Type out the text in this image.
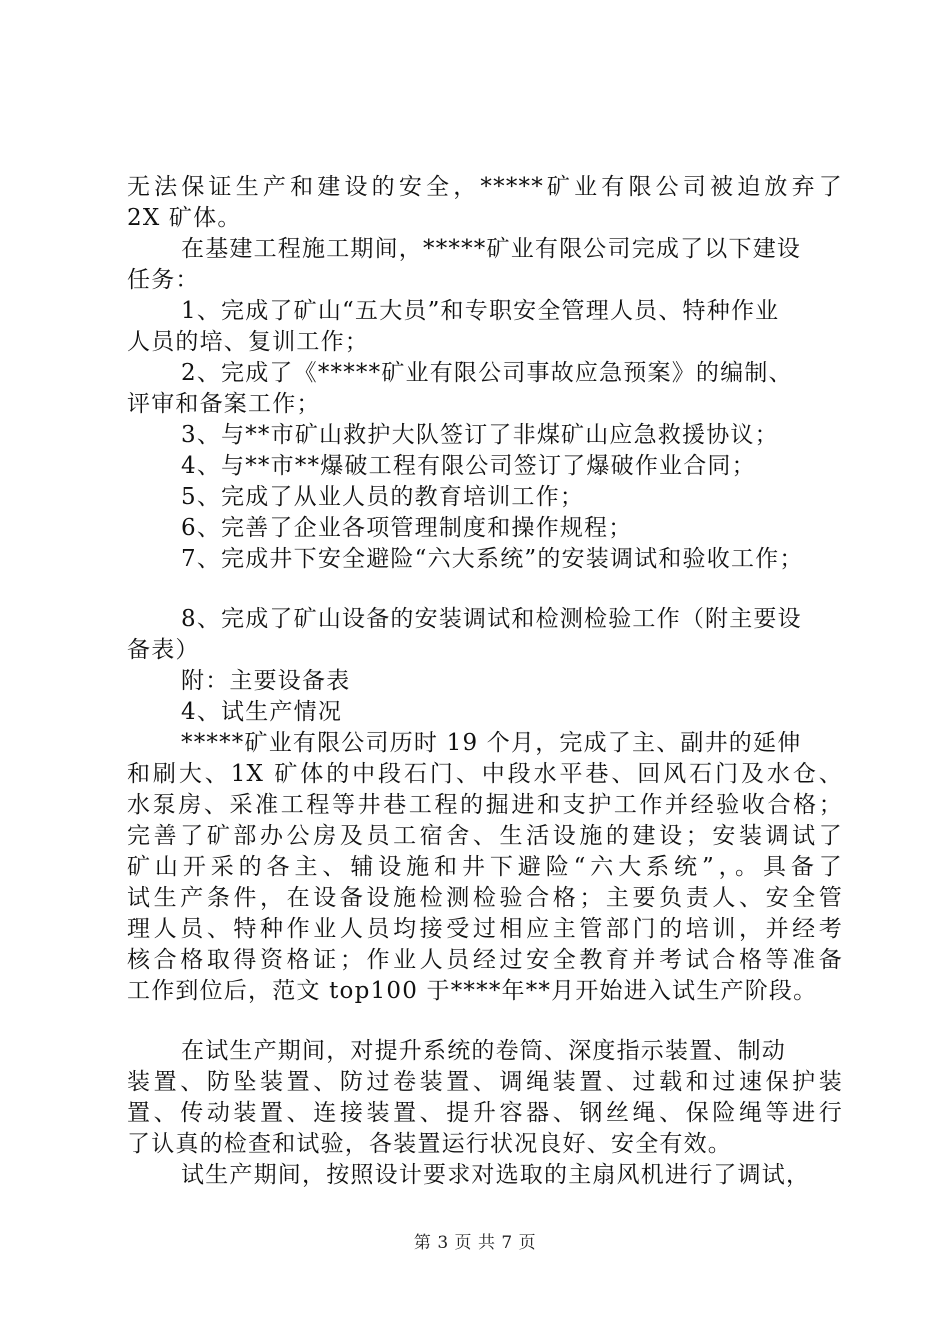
无法保证生产和建设的安全，*****矿业有限公司被迫放弃了
2X 矿体。
在基建工程施工期间，*****矿业有限公司完成了以下建设
任务：
1、完成了矿山“五大员”和专职安全管理人员、特种作业
人员的培、复训工作；
2、完成了《*****矿业有限公司事故应急预案》的编制、
评审和备案工作；
3、与**市矿山救护大队签订了非煤矿山应急救援协议；
4、与**市**爆破工程有限公司签订了爆破作业合同；
5、完成了从业人员的教育培训工作；
6、完善了企业各项管理制度和操作规程；
7、完成井下安全避险“六大系统”的安装调试和验收工作；
8、完成了矿山设备的安装调试和检测检验工作（附主要设
备表）
附：主要设备表
4、试生产情况
*****矿业有限公司历时 19 个月，完成了主、副井的延伸
和刷大、1X 矿体的中段石门、中段水平巷、回风石门及水仓、
水泵房、采准工程等井巷工程的掘进和支护工作并经验收合格；
完善了矿部办公房及员工宿舍、生活设施的建设；安装调试了
矿山开采的各主、辅设施和井下避险“六大系统”，。具备了
试生产条件，在设备设施检测检验合格；主要负责人、安全管
理人员、特种作业人员均接受过相应主管部门的培训，并经考
核合格取得资格证；作业人员经过安全教育并考试合格等准备
工作到位后，范文 top100 于****年**月开始进入试生产阶段。
在试生产期间，对提升系统的卷筒、深度指示装置、制动
装置、防坠装置、防过卷装置、调绳装置、过载和过速保护装
置、传动装置、连接装置、提升容器、钢丝绳、保险绳等进行
了认真的检查和试验，各装置运行状况良好、安全有效。
试生产期间，按照设计要求对选取的主扇风机进行了调试，
第 3 页 共 7 页
